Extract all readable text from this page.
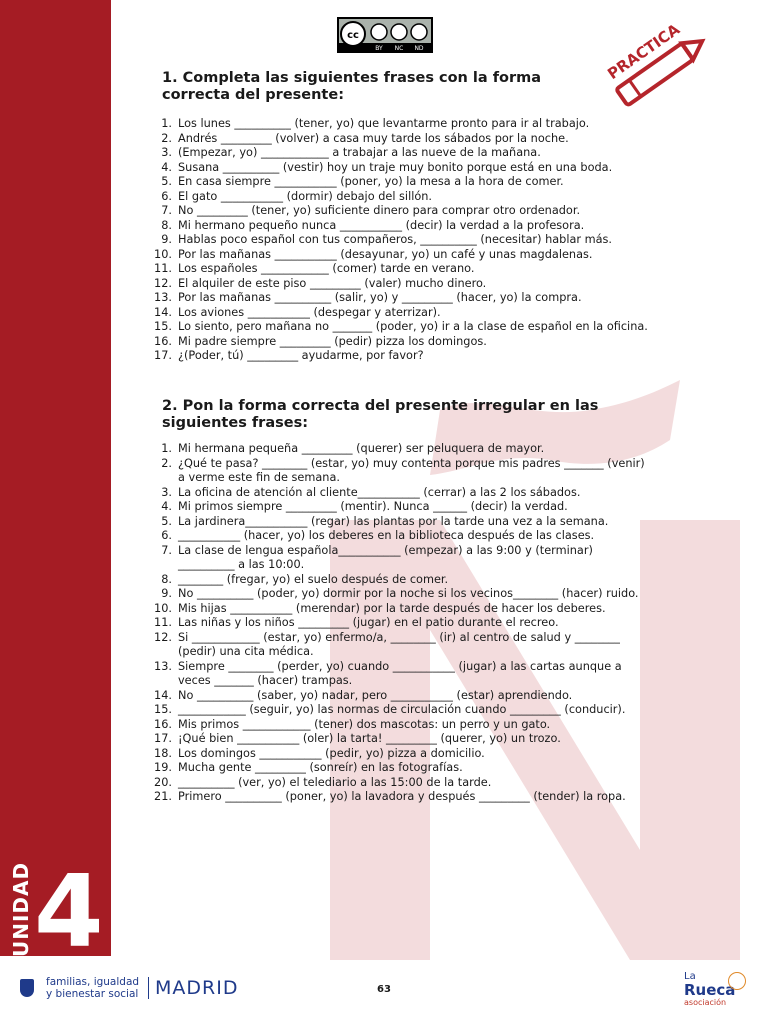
UNIDAD 4
cc
BY NC ND	PRACTICA
1. Completa las siguientes frases con la forma correcta del presente:
1. Los lunes __________ (tener, yo) que levantarme pronto para ir al trabajo.
2. Andrés _________ (volver) a casa muy tarde los sábados por la noche.
3. (Empezar, yo) ____________ a trabajar a las nueve de la mañana.
4. Susana __________ (vestir) hoy un traje muy bonito porque está en una boda.
5. En casa siempre ___________ (poner, yo) la mesa a la hora de comer.
6. El gato ___________ (dormir) debajo del sillón.
7. No _________ (tener, yo) suficiente dinero para comprar otro ordenador.
8. Mi hermano pequeño nunca ___________ (decir) la verdad a la profesora.
9. Hablas poco español con tus compañeros, __________ (necesitar) hablar más.
10. Por las mañanas ___________ (desayunar, yo) un café y unas magdalenas.
11. Los españoles ____________ (comer) tarde en verano.
12. El alquiler de este piso _________ (valer) mucho dinero.
13. Por las mañanas __________ (salir, yo) y _________ (hacer, yo) la compra.
14. Los aviones ___________ (despegar y aterrizar).
15. Lo siento, pero mañana no _______ (poder, yo) ir a la clase de español en la oficina.
16. Mi padre siempre _________ (pedir) pizza los domingos.
17. ¿(Poder, tú) _________ ayudarme, por favor?
2. Pon la forma correcta del presente irregular en las siguientes frases:
1. Mi hermana pequeña _________ (querer) ser peluquera de mayor.
2. ¿Qué te pasa? ________ (estar, yo) muy contenta porque mis padres _______ (venir) a verme este fin de semana.
3. La oficina de atención al cliente___________ (cerrar) a las 2 los sábados.
4. Mi primos siempre _________ (mentir). Nunca ______ (decir) la verdad.
5. La jardinera___________ (regar) las plantas por la tarde una vez a la semana.
6. ___________ (hacer, yo) los deberes en la biblioteca después de las clases.
7. La clase de lengua española___________ (empezar) a las 9:00 y (terminar) __________ a las 10:00.
8. ________ (fregar, yo) el suelo después de comer.
9. No __________ (poder, yo) dormir por la noche si los vecinos________ (hacer) ruido.
10. Mis hijas ___________ (merendar) por la tarde después de hacer los deberes.
11. Las niñas y los niños _________ (jugar) en el patio durante el recreo.
12. Si ____________ (estar, yo) enfermo/a, ________ (ir) al centro de salud y ________ (pedir) una cita médica.
13. Siempre ________ (perder, yo) cuando ___________ (jugar) a las cartas aunque a veces _______ (hacer) trampas.
14. No __________ (saber, yo) nadar, pero ___________ (estar) aprendiendo.
15. ____________ (seguir, yo) las normas de circulación cuando _________ (conducir).
16. Mis primos ____________ (tener) dos mascotas: un perro y un gato.
17. ¡Qué bien ___________ (oler) la tarta! _________ (querer, yo) un trozo.
18. Los domingos ___________ (pedir, yo) pizza a domicilio.
19. Mucha gente _________ (sonreír) en las fotografías.
20. __________ (ver, yo) el telediario a las 15:00 de la tarde.
21. Primero __________ (poner, yo) la lavadora y después _________ (tender) la ropa.
familias, igualdad y bienestar social MADRID	63
La
Rueca
asociación
